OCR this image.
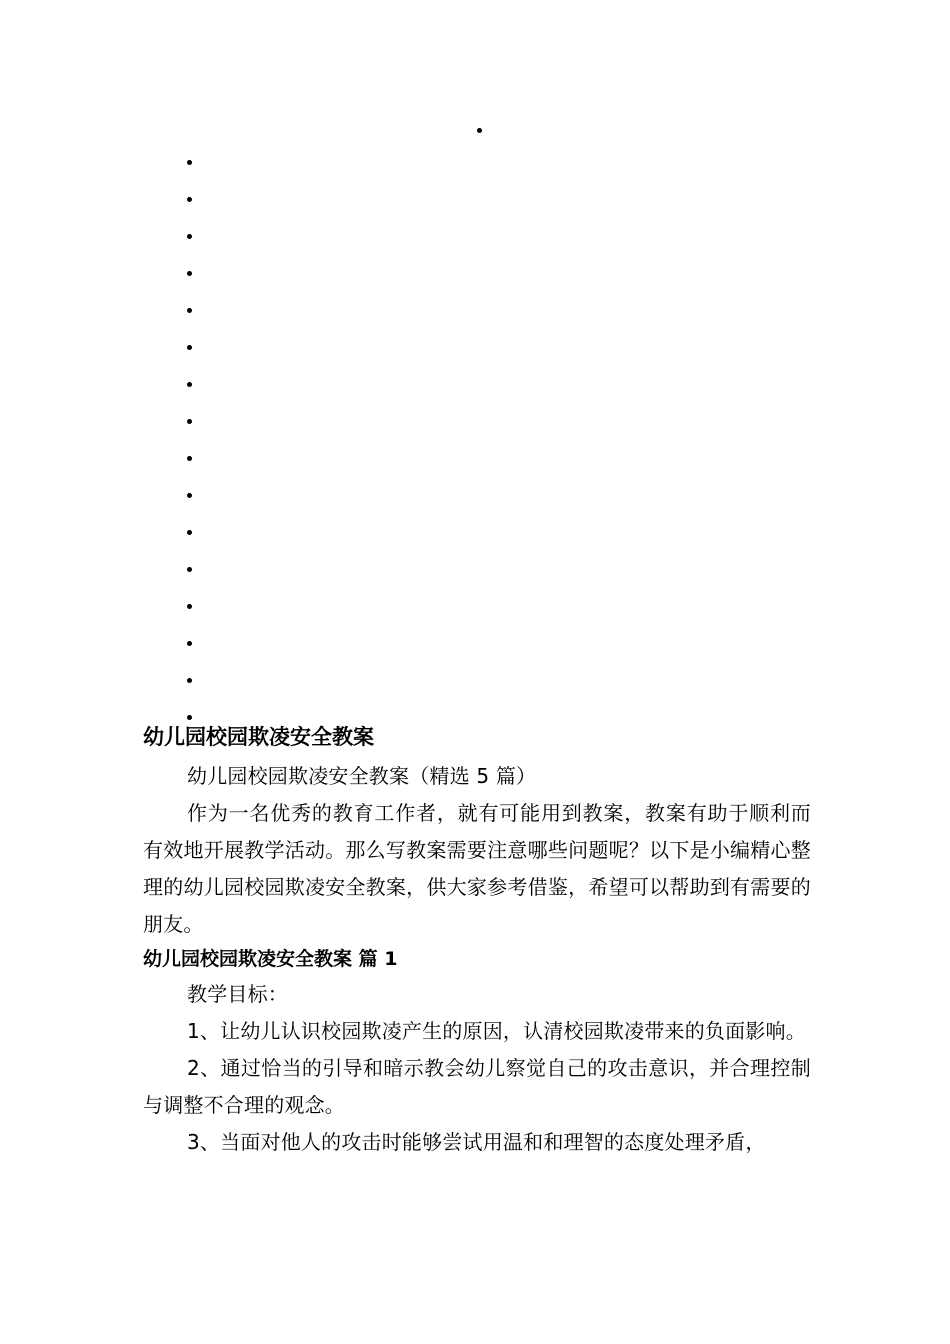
幼儿园校园欺凌安全教案

幼儿园校园欺凌安全教案（精选 5 篇）

作为一名优秀的教育工作者，就有可能用到教案，教案有助于顺利而有效地开展教学活动。那么写教案需要注意哪些问题呢？以下是小编精心整理的幼儿园校园欺凌安全教案，供大家参考借鉴，希望可以帮助到有需要的朋友。

幼儿园校园欺凌安全教案 篇 1

教学目标：

1、让幼儿认识校园欺凌产生的原因，认清校园欺凌带来的负面影响。

2、通过恰当的引导和暗示教会幼儿察觉自己的攻击意识，并合理控制与调整不合理的观念。

3、当面对他人的攻击时能够尝试用温和和理智的态度处理矛盾，
